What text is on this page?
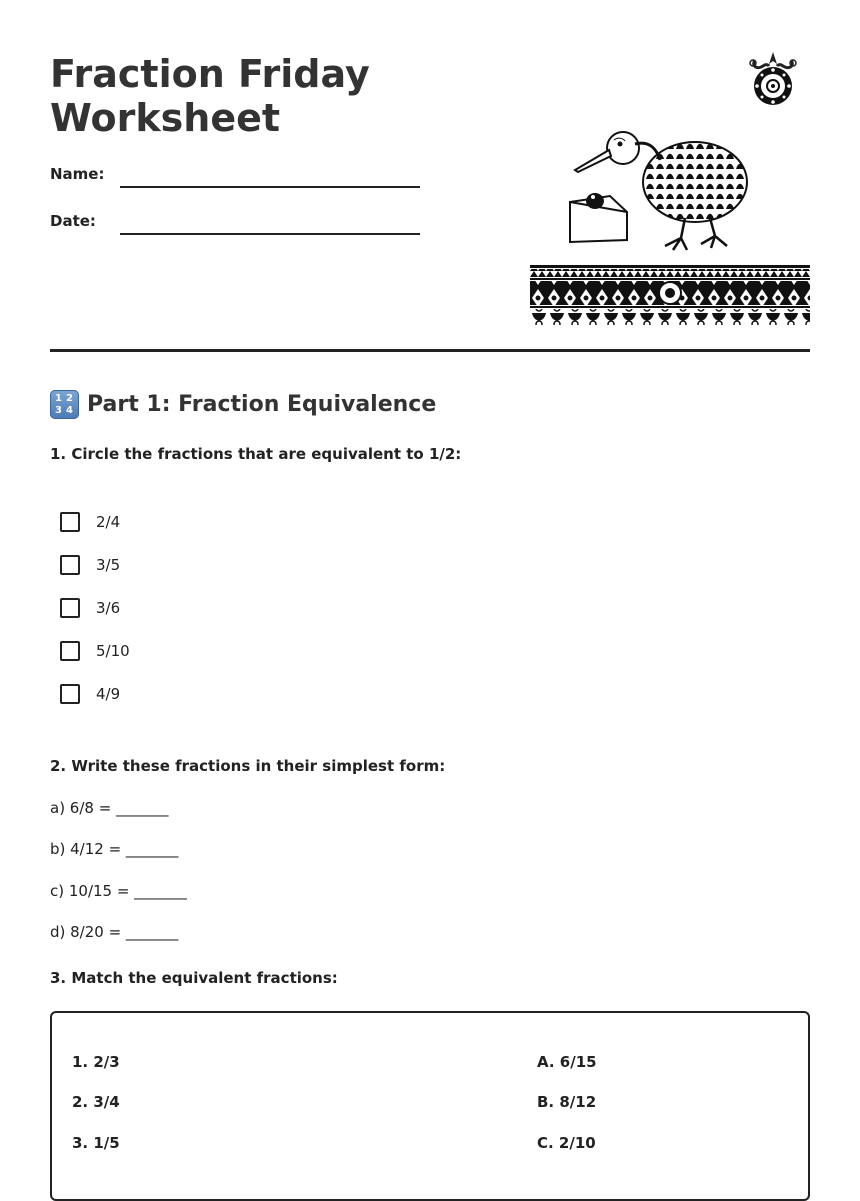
Fraction Friday Worksheet
Name:
Date:
1 2
3 4 Part 1: Fraction Equivalence
1. Circle the fractions that are equivalent to 1/2:
2/4
3/5
3/6
5/10
4/9
2. Write these fractions in their simplest form:
a) 6/8 = _______
b) 4/12 = _______
c) 10/15 = _______
d) 8/20 = _______
3. Match the equivalent fractions:
1. 2/3
2. 3/4
3. 1/5
A. 6/15
B. 8/12
C. 2/10
